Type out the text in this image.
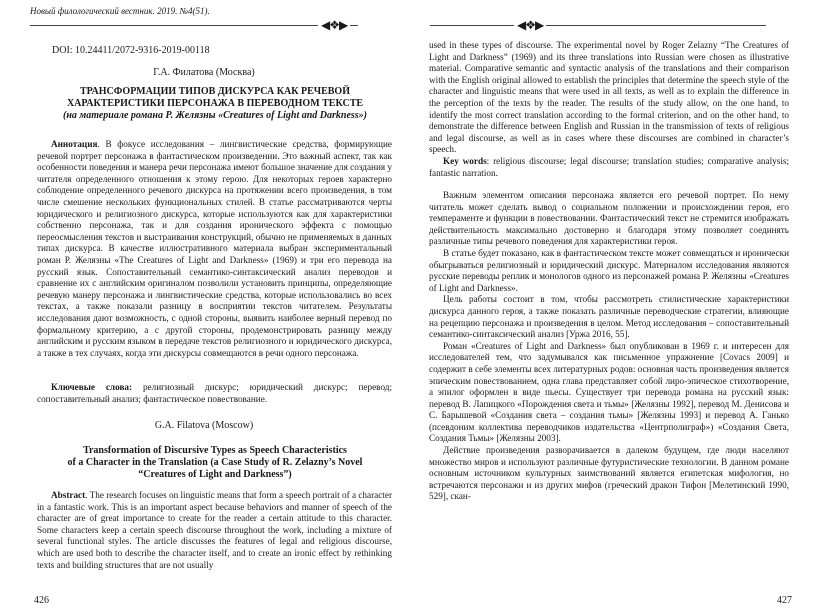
Новый филологический вестник. 2019. №4(51).
◀❖▶
DOI: 10.24411/2072-9316-2019-00118
Г.А. Филатова (Москва)
ТРАНСФОРМАЦИИ ТИПОВ ДИСКУРСА КАК РЕЧЕВОЙ
ХАРАКТЕРИСТИКИ ПЕРСОНАЖА В ПЕРЕВОДНОМ ТЕКСТЕ
(на материале романа Р. Желязны «Creatures of Light and Darkness»)

Аннотация. В фокусе исследования – лингвистические средства, формирующие речевой портрет персонажа в фантастическом произведении. Это важный аспект, так как особенности поведения и манера речи персонажа имеют большое значение для создания у читателя определенного отношения к этому герою. Для некоторых героев характерно соблюдение определенного речевого дискурса на протяжении всего произведения, в том числе смешение нескольких функциональных стилей. В статье рассматриваются черты юридического и религиозного дискурса, которые используются как для характеристики собственно персонажа, так и для создания иронического эффекта с помощью переосмысления текстов и выстраивания конструкций, обычно не применяемых в данных типах дискурса. В качестве иллюстративного материала выбран экспериментальный роман Р. Желязны «The Creatures of Light and Darkness» (1969) и три его перевода на русский язык. Сопоставительный семантико-синтаксический анализ переводов и сравнение их с английским оригиналом позволили установить принципы, определяющие речевую манеру персонажа и лингвистические средства, которые использовались во всех текстах, а также показали разницу в восприятии текстов читателем. Результаты исследования дают возможность, с одной стороны, выявить наиболее верный перевод по формальному критерию, а с другой стороны, продемонстрировать разницу между английским и русским языком в передаче текстов религиозного и юридического дискурса, а также в тех случаях, когда эти дискурсы совмещаются в речи одного персонажа.

Ключевые слова: религиозный дискурс; юридический дискурс; перевод; сопоставительный анализ; фантастическое повествование.

G.A. Filatova (Moscow)
Transformation of Discursive Types as Speech Characteristics
of a Character in the Translation (a Case Study of R. Zelazny’s Novel
“Creatures of Light and Darkness”)

Abstract. The research focuses on linguistic means that form a speech portrait of a character in a fantastic work. This is an important aspect because behaviors and manner of speech of the character are of great importance to create for the reader a certain attitude to this character. Some characters keep a certain speech discourse throughout the work, including a mixture of several functional styles. The article discusses the features of legal and religious discourse, which are used both to describe the character itself, and to create an ironic effect by rethinking texts and building structures that are not usually

426
◀❖▶

used in these types of discourse. The experimental novel by Roger Zelazny “The Creatures of Light and Darkness” (1969) and its three translations into Russian were chosen as illustrative material. Comparative semantic and syntactic analysis of the translations and their comparison with the English original allowed to establish the principles that determine the speech style of the character and linguistic means that were used in all texts, as well as to explain the difference in the perception of the texts by the reader. The results of the study allow, on the one hand, to identify the most correct translation according to the formal criterion, and on the other hand, to demonstrate the difference between English and Russian in the transmission of texts of religious and legal discourse, as well as in cases where these discourses are combined in character’s speech.

Key words: religious discourse; legal discourse; translation studies; comparative analysis; fantastic narration.

Важным элементом описания персонажа является его речевой портрет. По нему читатель может сделать вывод о социальном положении и происхождении героя, его темпераменте и функции в повествовании. Фантастический текст не стремится изображать действительность максимально достоверно и благодаря этому позволяет соединять различные типы речевого поведения для характеристики героя.

В статье будет показано, как в фантастическом тексте может совмещаться и иронически обыгрываться религиозный и юридический дискурс. Материалом исследования являются русские переводы реплик и монологов одного из персонажей романа Р. Желязны «Creatures of Light and Darkness».

Цель работы состоит в том, чтобы рассмотреть стилистические характеристики дискурса данного героя, а также показать различные переводческие стратегии, влияющие на рецепцию персонажа и произведения в целом. Метод исследования – сопоставительный семантико-синтаксический анализ [Уржа 2016, 55].

Роман «Creatures of Light and Darkness» был опубликован в 1969 г. и интересен для исследователей тем, что задумывался как письменное упражнение [Covacs 2009] и содержит в себе элементы всех литературных родов: основная часть произведения является эпическим повествованием, одна глава представляет собой лиро-эпическое стихотворение, а эпилог оформлен в виде пьесы. Существует три перевода романа на русский язык: перевод В. Лапицкого «Порождения света и тьмы» [Желязны 1992], перевод М. Денисова и С. Барышевой «Создания света – создания тьмы» [Желязны 1993] и перевод А. Ганько (псевдоним коллектива переводчиков издательства «Центрполиграф») «Создания Света, Создания Тьмы» [Желязны 2003].

Действие произведения разворачивается в далеком будущем, где люди населяют множество миров и используют различные футуристические технологии. В данном романе основным источником культурных заимствований является египетская мифология, но встречаются персонажи и из других мифов (греческий дракон Тифон [Мелетинский 1990, 529], скан-

427
